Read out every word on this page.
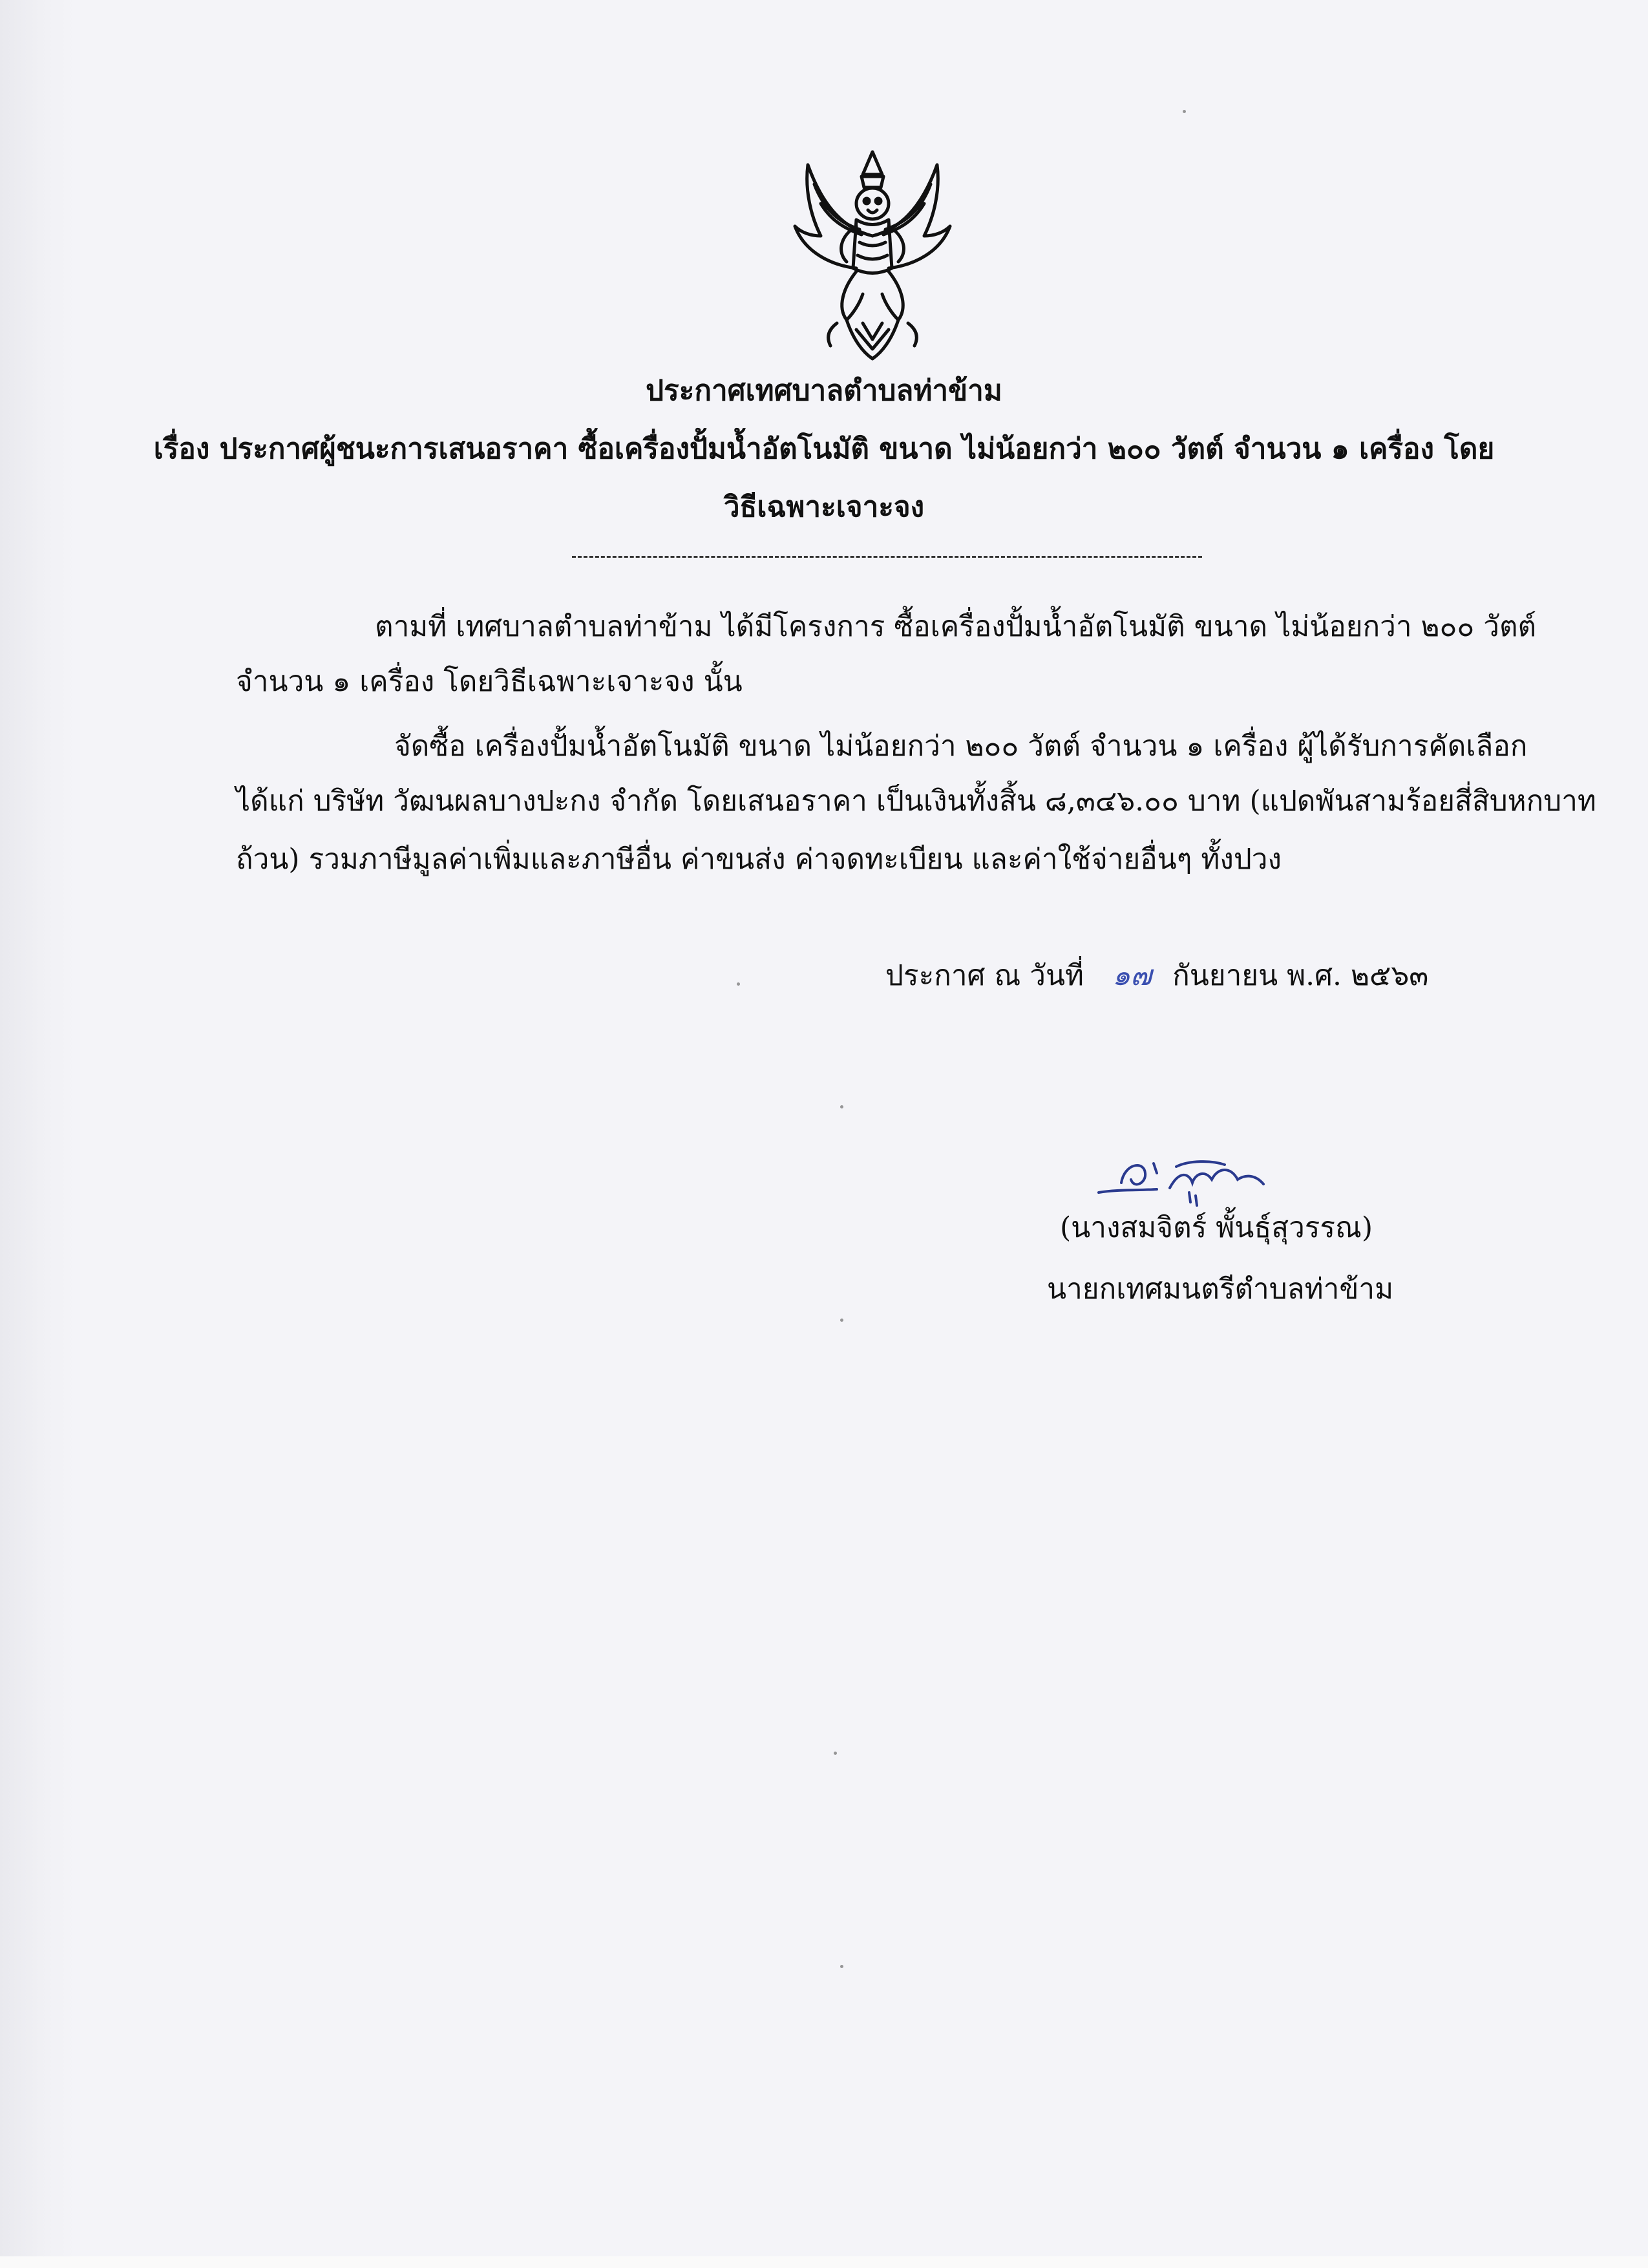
ประกาศเทศบาลตำบลท่าข้าม
เรื่อง ประกาศผู้ชนะการเสนอราคา ซื้อเครื่องปั้มน้ำอัตโนมัติ ขนาด ไม่น้อยกว่า ๒๐๐ วัตต์ จำนวน ๑ เครื่อง โดย
วิธีเฉพาะเจาะจง
ตามที่ เทศบาลตำบลท่าข้าม ได้มีโครงการ ซื้อเครื่องปั้มน้ำอัตโนมัติ ขนาด ไม่น้อยกว่า ๒๐๐ วัตต์
จำนวน ๑ เครื่อง โดยวิธีเฉพาะเจาะจง นั้น
จัดซื้อ เครื่องปั้มน้ำอัตโนมัติ ขนาด ไม่น้อยกว่า ๒๐๐ วัตต์ จำนวน ๑ เครื่อง ผู้ได้รับการคัดเลือก
ได้แก่ บริษัท วัฒนผลบางปะกง จำกัด โดยเสนอราคา เป็นเงินทั้งสิ้น ๘,๓๔๖.๐๐ บาท (แปดพันสามร้อยสี่สิบหกบาท
ถ้วน) รวมภาษีมูลค่าเพิ่มและภาษีอื่น ค่าขนส่ง ค่าจดทะเบียน และค่าใช้จ่ายอื่นๆ ทั้งปวง
ประกาศ ณ วันที่ ๑๗ กันยายน พ.ศ. ๒๕๖๓
(นางสมจิตร์ พั้นธุ์สุวรรณ)
นายกเทศมนตรีตำบลท่าข้าม
